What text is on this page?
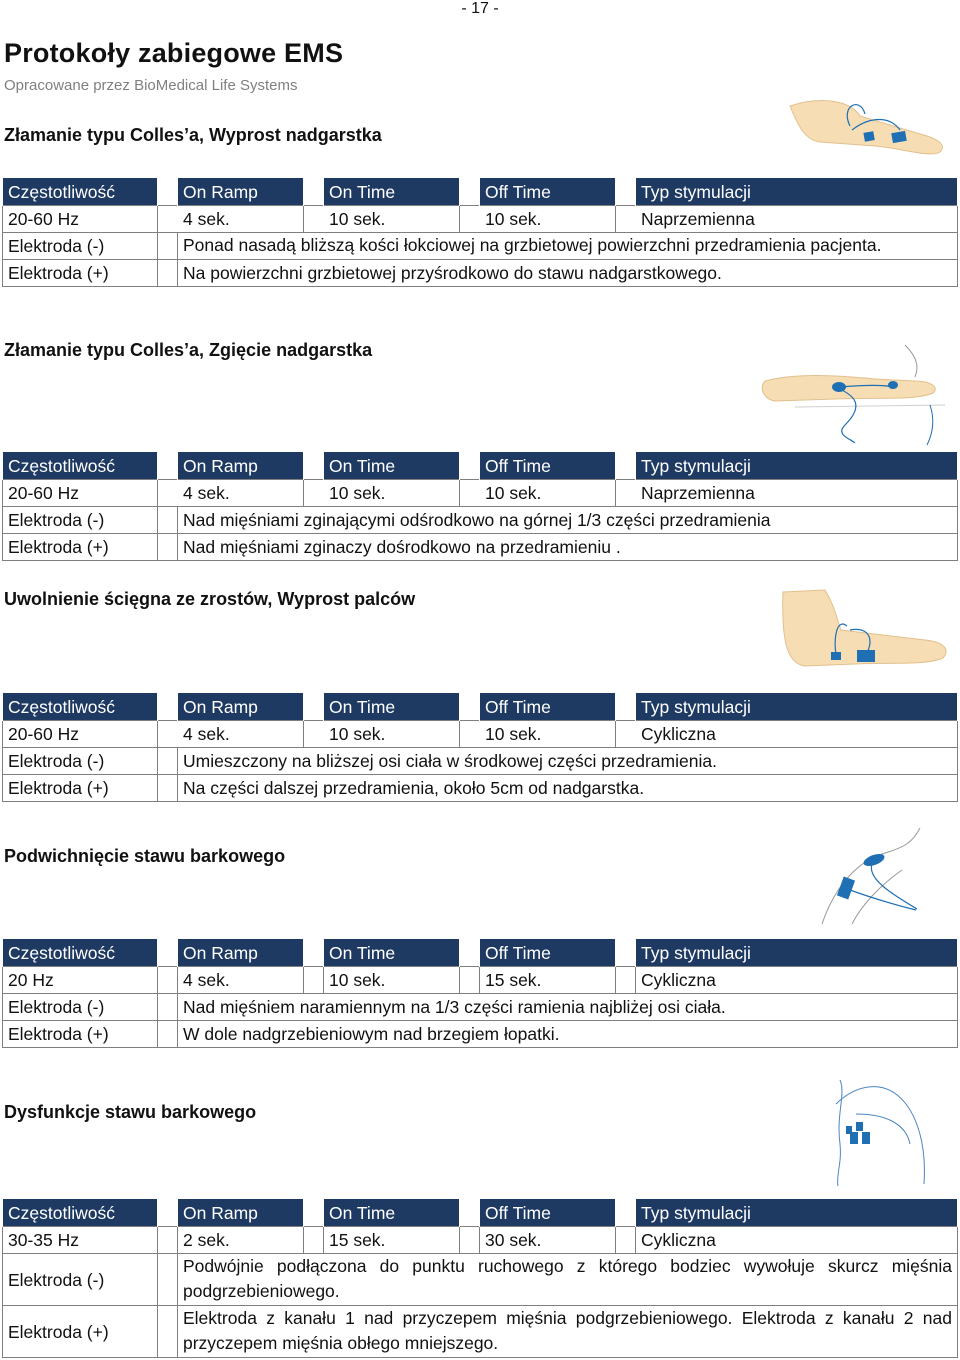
- 17 -
Protokoły zabiegowe EMS
Opracowane przez BioMedical Life Systems
Złamanie typu Colles’a, Wyprost nadgarstka
Częstotliwość		On Ramp		On Time		Off Time		Typ stymulacji
20-60 Hz	4 sek.		10 sek.		10 sek.		Naprzemienna	
Elektroda (-)		Ponad nasadą bliższą kości łokciowej na grzbietowej powierzchni przedramienia pacjenta.						
Elektroda (+)		Na powierzchni grzbietowej przyśrodkowo do stawu nadgarstkowego.						
Złamanie typu Colles’a, Zgięcie nadgarstka
Częstotliwość		On Ramp		On Time		Off Time		Typ stymulacji
20-60 Hz	4 sek.		10 sek.		10 sek.		Naprzemienna	
Elektroda (-)		Nad mięśniami zginającymi odśrodkowo na górnej 1/3 części przedramienia						
Elektroda (+)		Nad mięśniami zginaczy dośrodkowo na przedramieniu .						
Uwolnienie ścięgna ze zrostów, Wyprost palców
Częstotliwość		On Ramp		On Time		Off Time		Typ stymulacji
20-60 Hz	4 sek.		10 sek.		10 sek.		Cykliczna	
Elektroda (-)		Umieszczony na bliższej osi ciała w środkowej części przedramienia.						
Elektroda (+)		Na części dalszej przedramienia, około 5cm od nadgarstka.						
Podwichnięcie stawu barkowego
Częstotliwość		On Ramp		On Time		Off Time		Typ stymulacji
20 Hz		4 sek.		10 sek.		15 sek.		Cykliczna
Elektroda (-)		Nad mięśniem naramiennym na 1/3 części ramienia najbliżej osi ciała.						
Elektroda (+)		W dole nadgrzebieniowym nad brzegiem łopatki.						
Dysfunkcje stawu barkowego
Częstotliwość		On Ramp		On Time		Off Time		Typ stymulacji
30-35 Hz		2 sek.		15 sek.		30 sek.		Cykliczna
Elektroda (-)		Podwójnie podłączona do punktu ruchowego z którego bodziec wywołuje skurcz mięśnia podgrzebieniowego.						
Elektroda (+)		Elektroda z kanału 1 nad przyczepem mięśnia podgrzebieniowego. Elektroda z kanału 2 nad przyczepem mięśnia obłego mniejszego.						
